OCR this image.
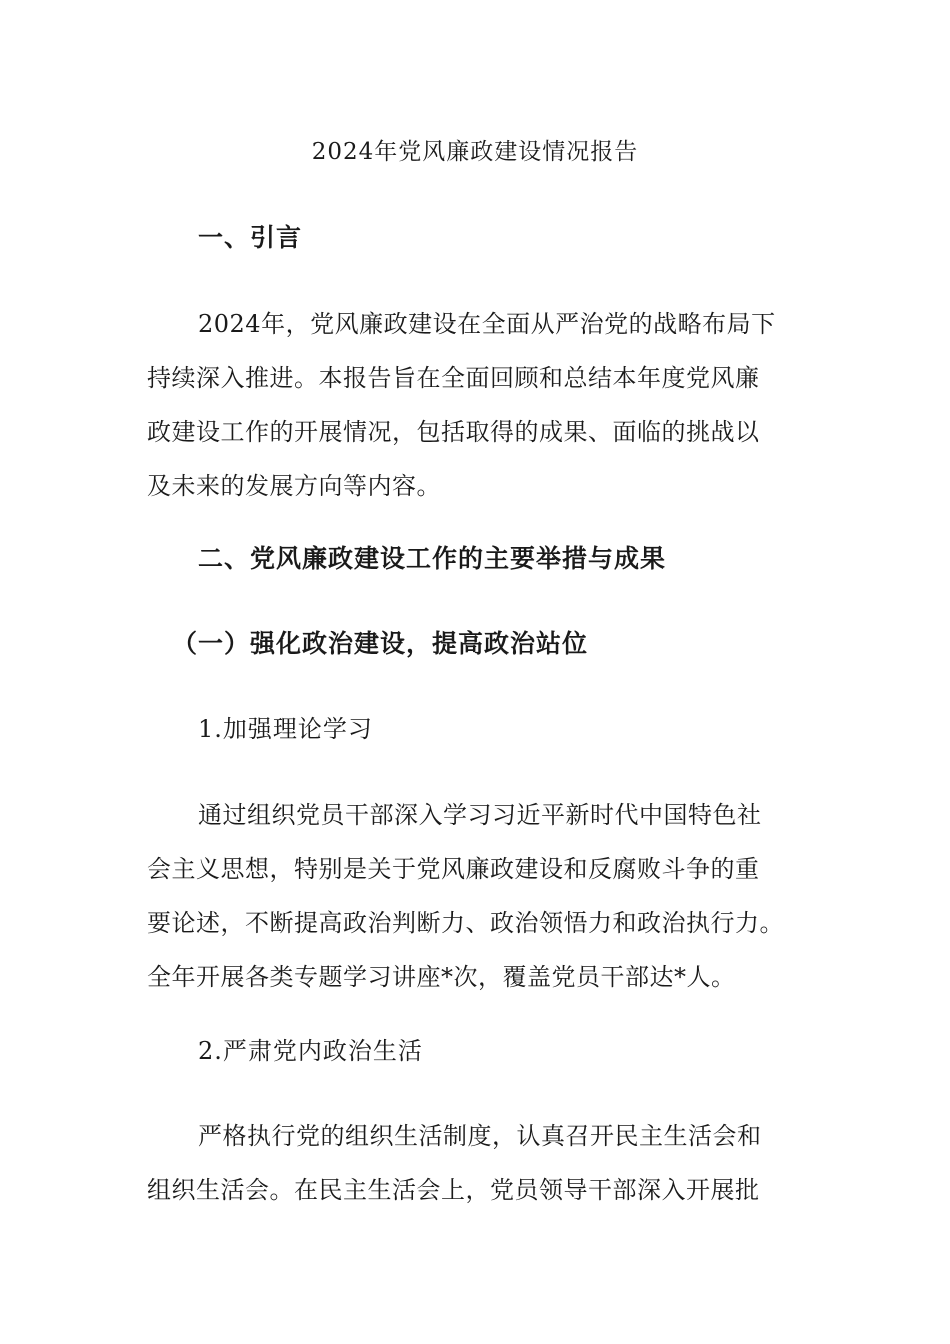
2024年党风廉政建设情况报告
一、引言
2024年，党风廉政建设在全面从严治党的战略布局下
持续深入推进。本报告旨在全面回顾和总结本年度党风廉
政建设工作的开展情况，包括取得的成果、面临的挑战以
及未来的发展方向等内容。
二、党风廉政建设工作的主要举措与成果
（一）强化政治建设，提高政治站位
1.加强理论学习
通过组织党员干部深入学习习近平新时代中国特色社
会主义思想，特别是关于党风廉政建设和反腐败斗争的重
要论述，不断提高政治判断力、政治领悟力和政治执行力。
全年开展各类专题学习讲座*次，覆盖党员干部达*人。
2.严肃党内政治生活
严格执行党的组织生活制度，认真召开民主生活会和
组织生活会。在民主生活会上，党员领导干部深入开展批
